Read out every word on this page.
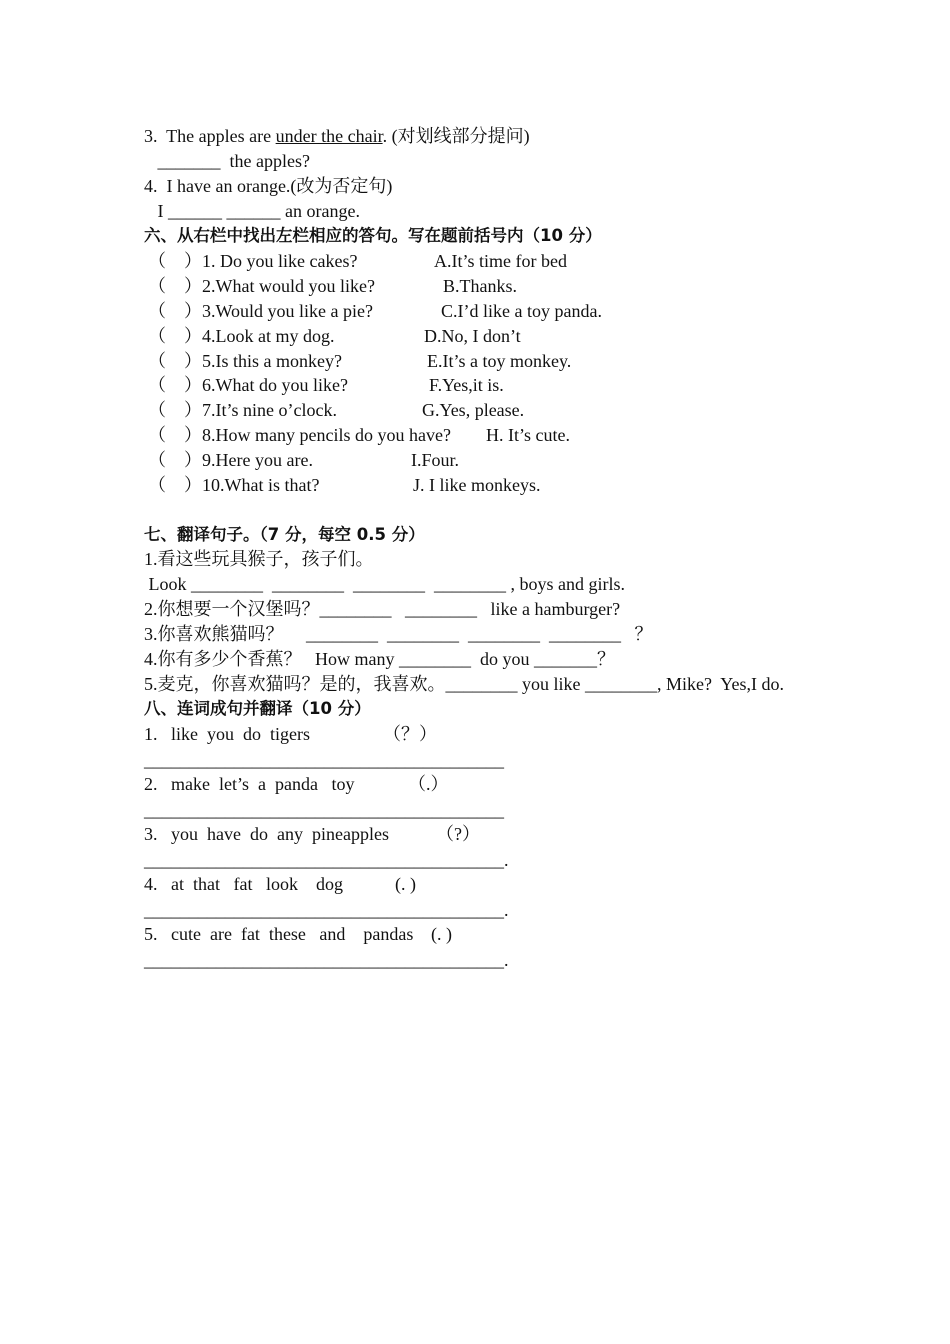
3.  The apples are under the chair. (对划线部分提问)
_______  the apples?
4.  I have an orange.(改为否定句)
I ______ ______ an orange.
六、从右栏中找出左栏相应的答句。写在题前括号内（10 分）
（    ）1. Do you like cakes?	A.It’s time for bed
（    ）2.What would you like?	B.Thanks.
（    ）3.Would you like a pie?	C.I’d like a toy panda.
（    ）4.Look at my dog.	D.No, I don’t
（    ）5.Is this a monkey?	E.It’s a toy monkey.
（    ）6.What do you like?	F.Yes,it is.
（    ）7.It’s nine o’clock.	G.Yes, please.
（    ）8.How many pencils do you have? H. It’s cute.
（    ）9.Here you are.	I.Four.
（    ）10.What is that?	J. I like monkeys.
七、翻译句子。（7 分，每空 0.5 分）
1.看这些玩具猴子，孩子们。
Look ________  ________  ________  ________ , boys and girls.
2.你想要一个汉堡吗？________   ________   like a hamburger?
3.你喜欢熊猫吗？     ________  ________  ________  ________   ？
4.你有多少个香蕉？   How many ________  do you _______？
5.麦克，你喜欢猫吗？是的，我喜欢。________ you like ________, Mike?  Yes,I do.
八、连词成句并翻译（10 分）
1.   like  you  do  tigers	（？）
________________________________________
2.   make  let’s  a  panda   toy	（.）
________________________________________
3.   you  have  do  any  pineapples	（?）
________________________________________.
4.   at  that   fat   look    dog	(. )
________________________________________.
5.   cute  are  fat  these   and    pandas (. )
________________________________________.
